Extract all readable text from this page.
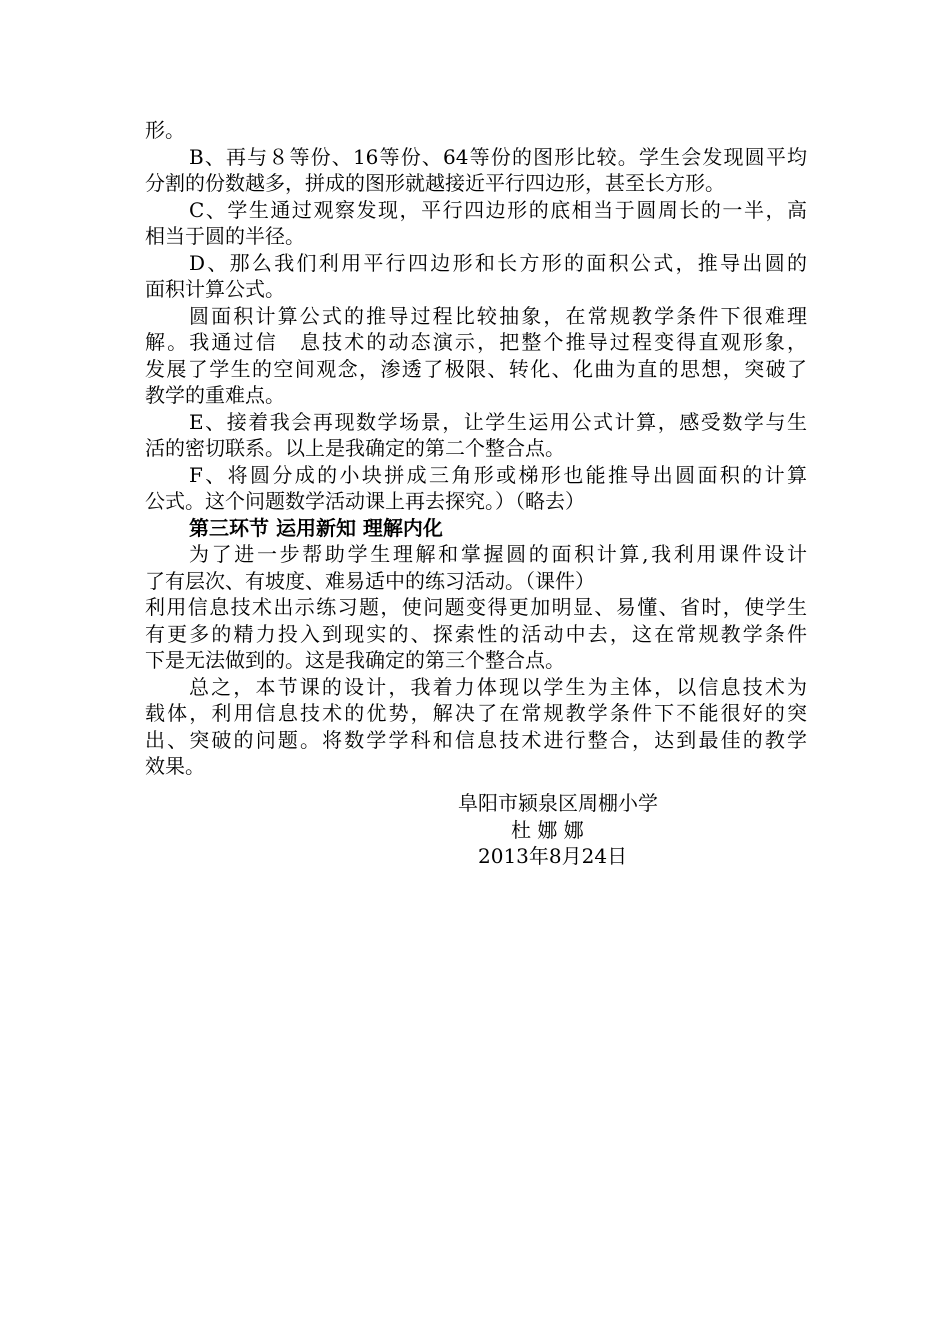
形。
B、再与８等份、16等份、64等份的图形比较。学生会发现圆平均
分割的份数越多，拼成的图形就越接近平行四边形，甚至长方形。
C、学生通过观察发现，平行四边形的底相当于圆周长的一半，高
相当于圆的半径。
D、那么我们利用平行四边形和长方形的面积公式，推导出圆的
面积计算公式。
圆面积计算公式的推导过程比较抽象，在常规教学条件下很难理
解。我通过信　息技术的动态演示，把整个推导过程变得直观形象，
发展了学生的空间观念，渗透了极限、转化、化曲为直的思想，突破了
教学的重难点。
E、接着我会再现数学场景，让学生运用公式计算，感受数学与生
活的密切联系。以上是我确定的第二个整合点。
F、将圆分成的小块拼成三角形或梯形也能推导出圆面积的计算
公式。这个问题数学活动课上再去探究。）（略去）
第三环节 运用新知 理解内化
为了进一步帮助学生理解和掌握圆的面积计算,我利用课件设计
了有层次、有坡度、难易适中的练习活动。（课件）
利用信息技术出示练习题，使问题变得更加明显、易懂、省时，使学生
有更多的精力投入到现实的、探索性的活动中去，这在常规教学条件
下是无法做到的。这是我确定的第三个整合点。
总之，本节课的设计，我着力体现以学生为主体，以信息技术为
载体，利用信息技术的优势，解决了在常规教学条件下不能很好的突
出、突破的问题。将数学学科和信息技术进行整合，达到最佳的教学
效果。
阜阳市颍泉区周棚小学
杜 娜 娜
2013年8月24日
